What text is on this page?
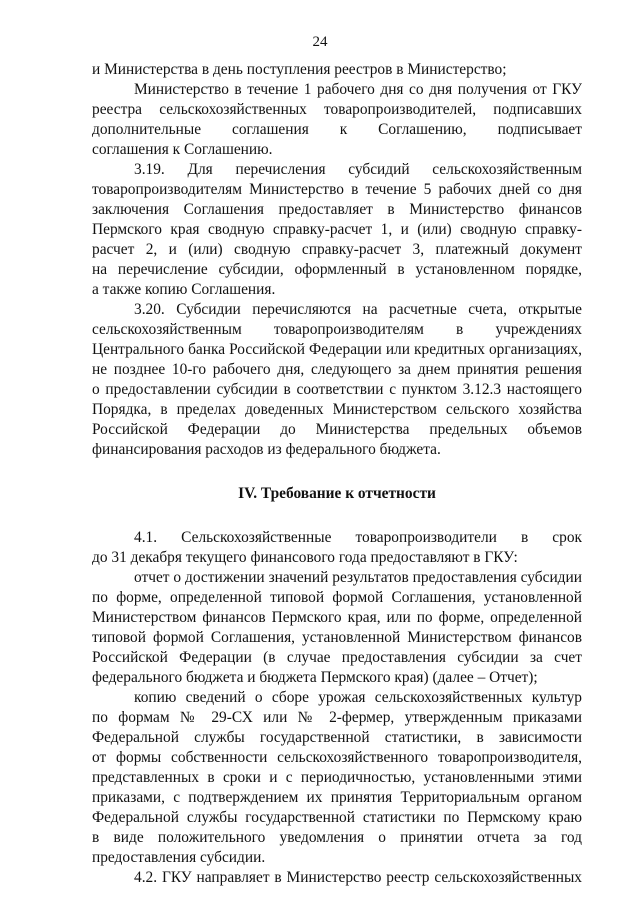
24
и Министерства в день поступления реестров в Министерство;
Министерство в течение 1 рабочего дня со дня получения от ГКУ
реестра сельскохозяйственных товаропроизводителей, подписавших
дополнительные соглашения к Соглашению, подписывает
соглашения к Соглашению.
3.19. Для перечисления субсидий сельскохозяйственным
товаропроизводителям Министерство в течение 5 рабочих дней со дня
заключения Соглашения предоставляет в Министерство финансов
Пермского края сводную справку-расчет 1, и (или) сводную справку-
расчет 2, и (или) сводную справку-расчет 3, платежный документ
на перечисление субсидии, оформленный в установленном порядке,
а также копию Соглашения.
3.20. Субсидии перечисляются на расчетные счета, открытые
сельскохозяйственным товаропроизводителям в учреждениях
Центрального банка Российской Федерации или кредитных организациях,
не позднее 10-го рабочего дня, следующего за днем принятия решения
о предоставлении субсидии в соответствии с пунктом 3.12.3 настоящего
Порядка, в пределах доведенных Министерством сельского хозяйства
Российской Федерации до Министерства предельных объемов
финансирования расходов из федерального бюджета.
IV. Требование к отчетности
4.1. Сельскохозяйственные товаропроизводители в срок
до 31 декабря текущего финансового года предоставляют в ГКУ:
отчет о достижении значений результатов предоставления субсидии
по форме, определенной типовой формой Соглашения, установленной
Министерством финансов Пермского края, или по форме, определенной
типовой формой Соглашения, установленной Министерством финансов
Российской Федерации (в случае предоставления субсидии за счет
федерального бюджета и бюджета Пермского края) (далее – Отчет);
копию сведений о сборе урожая сельскохозяйственных культур
по формам № 29-СХ или № 2-фермер, утвержденным приказами
Федеральной службы государственной статистики, в зависимости
от формы собственности сельскохозяйственного товаропроизводителя,
представленных в сроки и с периодичностью, установленными этими
приказами, с подтверждением их принятия Территориальным органом
Федеральной службы государственной статистики по Пермскому краю
в виде положительного уведомления о принятии отчета за год
предоставления субсидии.
4.2. ГКУ направляет в Министерство реестр сельскохозяйственных
